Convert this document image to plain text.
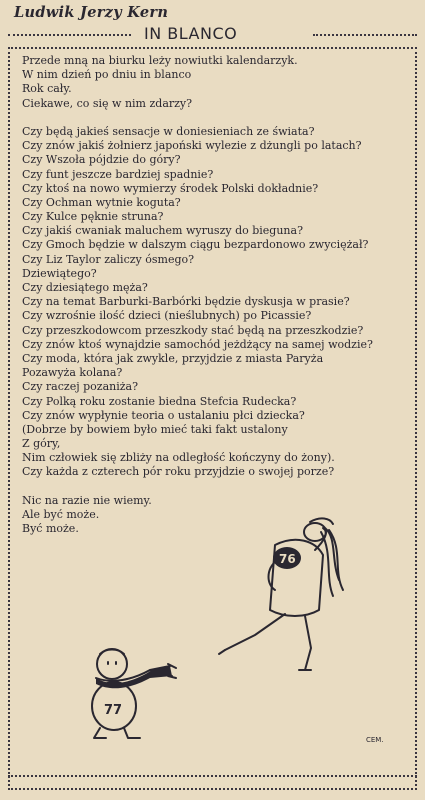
Ludwik Jerzy Kern
IN BLANCO
Przede mną na biurku leży nowiutki kalendarzyk.
W nim dzień po dniu in blanco
Rok cały.
Ciekawe, co się w nim zdarzy?
Czy będą jakieś sensacje w doniesieniach ze świata?
Czy znów jakiś żołnierz japoński wylezie z dżungli po latach?
Czy Wszoła pójdzie do góry?
Czy funt jeszcze bardziej spadnie?
Czy ktoś na nowo wymierzy środek Polski dokładnie?
Czy Ochman wytnie koguta?
Czy Kulce pęknie struna?
Czy jakiś cwaniak maluchem wyruszy do bieguna?
Czy Gmoch będzie w dalszym ciągu bezpardonowo zwyciężał?
Czy Liz Taylor zaliczy ósmego?
Dziewiątego?
Czy dziesiątego męża?
Czy na temat Barburki-Barbórki będzie dyskusja w prasie?
Czy wzrośnie ilość dzieci (nieślubnych) po Picassie?
Czy przeszkodowcom przeszkody stać będą na przeszkodzie?
Czy znów ktoś wynajdzie samochód jeżdżący na samej wodzie?
Czy moda, która jak zwykle, przyjdzie z miasta Paryża
Pozawyża kolana?
Czy raczej pozaniża?
Czy Polką roku zostanie biedna Stefcia Rudecka?
Czy znów wypłynie teoria o ustalaniu płci dziecka?
(Dobrze by bowiem było mieć taki fakt ustalony
Z góry,
Nim człowiek się zbliży na odległość kończyny do żony).
Czy każda z czterech pór roku przyjdzie o swojej porze?
Nic na razie nie wiemy.
Ale być może.
Być może.
76
77
CEM.
